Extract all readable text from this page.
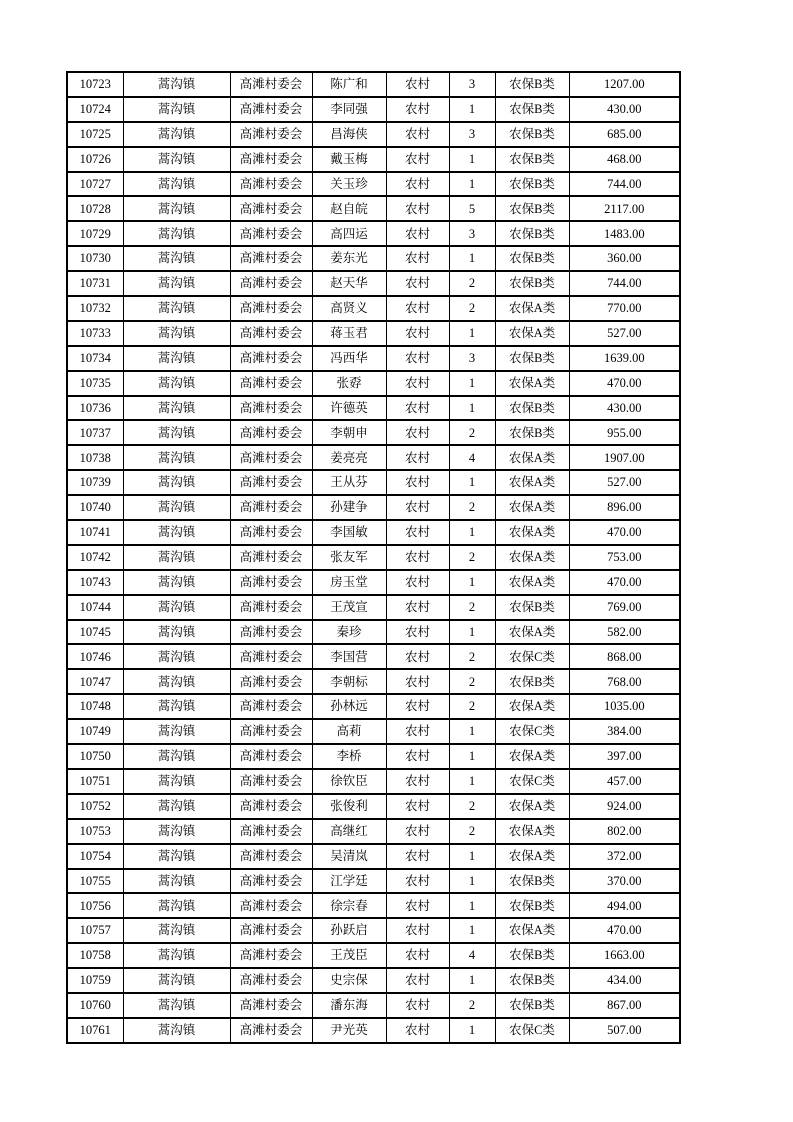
10723	蒿沟镇	高滩村委会	陈广和	农村	3	农保B类	1207.00
10724	蒿沟镇	高滩村委会	李同强	农村	1	农保B类	430.00
10725	蒿沟镇	高滩村委会	昌海侠	农村	3	农保B类	685.00
10726	蒿沟镇	高滩村委会	戴玉梅	农村	1	农保B类	468.00
10727	蒿沟镇	高滩村委会	关玉珍	农村	1	农保B类	744.00
10728	蒿沟镇	高滩村委会	赵自皖	农村	5	农保B类	2117.00
10729	蒿沟镇	高滩村委会	高四运	农村	3	农保B类	1483.00
10730	蒿沟镇	高滩村委会	姜东光	农村	1	农保B类	360.00
10731	蒿沟镇	高滩村委会	赵天华	农村	2	农保B类	744.00
10732	蒿沟镇	高滩村委会	高贤义	农村	2	农保A类	770.00
10733	蒿沟镇	高滩村委会	蒋玉君	农村	1	农保A类	527.00
10734	蒿沟镇	高滩村委会	冯西华	农村	3	农保B类	1639.00
10735	蒿沟镇	高滩村委会	张孬	农村	1	农保A类	470.00
10736	蒿沟镇	高滩村委会	许德英	农村	1	农保B类	430.00
10737	蒿沟镇	高滩村委会	李朝申	农村	2	农保B类	955.00
10738	蒿沟镇	高滩村委会	姜亮亮	农村	4	农保A类	1907.00
10739	蒿沟镇	高滩村委会	王从芬	农村	1	农保A类	527.00
10740	蒿沟镇	高滩村委会	孙建争	农村	2	农保A类	896.00
10741	蒿沟镇	高滩村委会	李国敏	农村	1	农保A类	470.00
10742	蒿沟镇	高滩村委会	张友军	农村	2	农保A类	753.00
10743	蒿沟镇	高滩村委会	房玉堂	农村	1	农保A类	470.00
10744	蒿沟镇	高滩村委会	王茂宣	农村	2	农保B类	769.00
10745	蒿沟镇	高滩村委会	秦珍	农村	1	农保A类	582.00
10746	蒿沟镇	高滩村委会	李国营	农村	2	农保C类	868.00
10747	蒿沟镇	高滩村委会	李朝标	农村	2	农保B类	768.00
10748	蒿沟镇	高滩村委会	孙林远	农村	2	农保A类	1035.00
10749	蒿沟镇	高滩村委会	高莉	农村	1	农保C类	384.00
10750	蒿沟镇	高滩村委会	李桥	农村	1	农保A类	397.00
10751	蒿沟镇	高滩村委会	徐钦臣	农村	1	农保C类	457.00
10752	蒿沟镇	高滩村委会	张俊利	农村	2	农保A类	924.00
10753	蒿沟镇	高滩村委会	高继红	农村	2	农保A类	802.00
10754	蒿沟镇	高滩村委会	吴清岚	农村	1	农保A类	372.00
10755	蒿沟镇	高滩村委会	江学廷	农村	1	农保B类	370.00
10756	蒿沟镇	高滩村委会	徐宗春	农村	1	农保B类	494.00
10757	蒿沟镇	高滩村委会	孙跃启	农村	1	农保A类	470.00
10758	蒿沟镇	高滩村委会	王茂臣	农村	4	农保B类	1663.00
10759	蒿沟镇	高滩村委会	史宗保	农村	1	农保B类	434.00
10760	蒿沟镇	高滩村委会	潘东海	农村	2	农保B类	867.00
10761	蒿沟镇	高滩村委会	尹光英	农村	1	农保C类	507.00
